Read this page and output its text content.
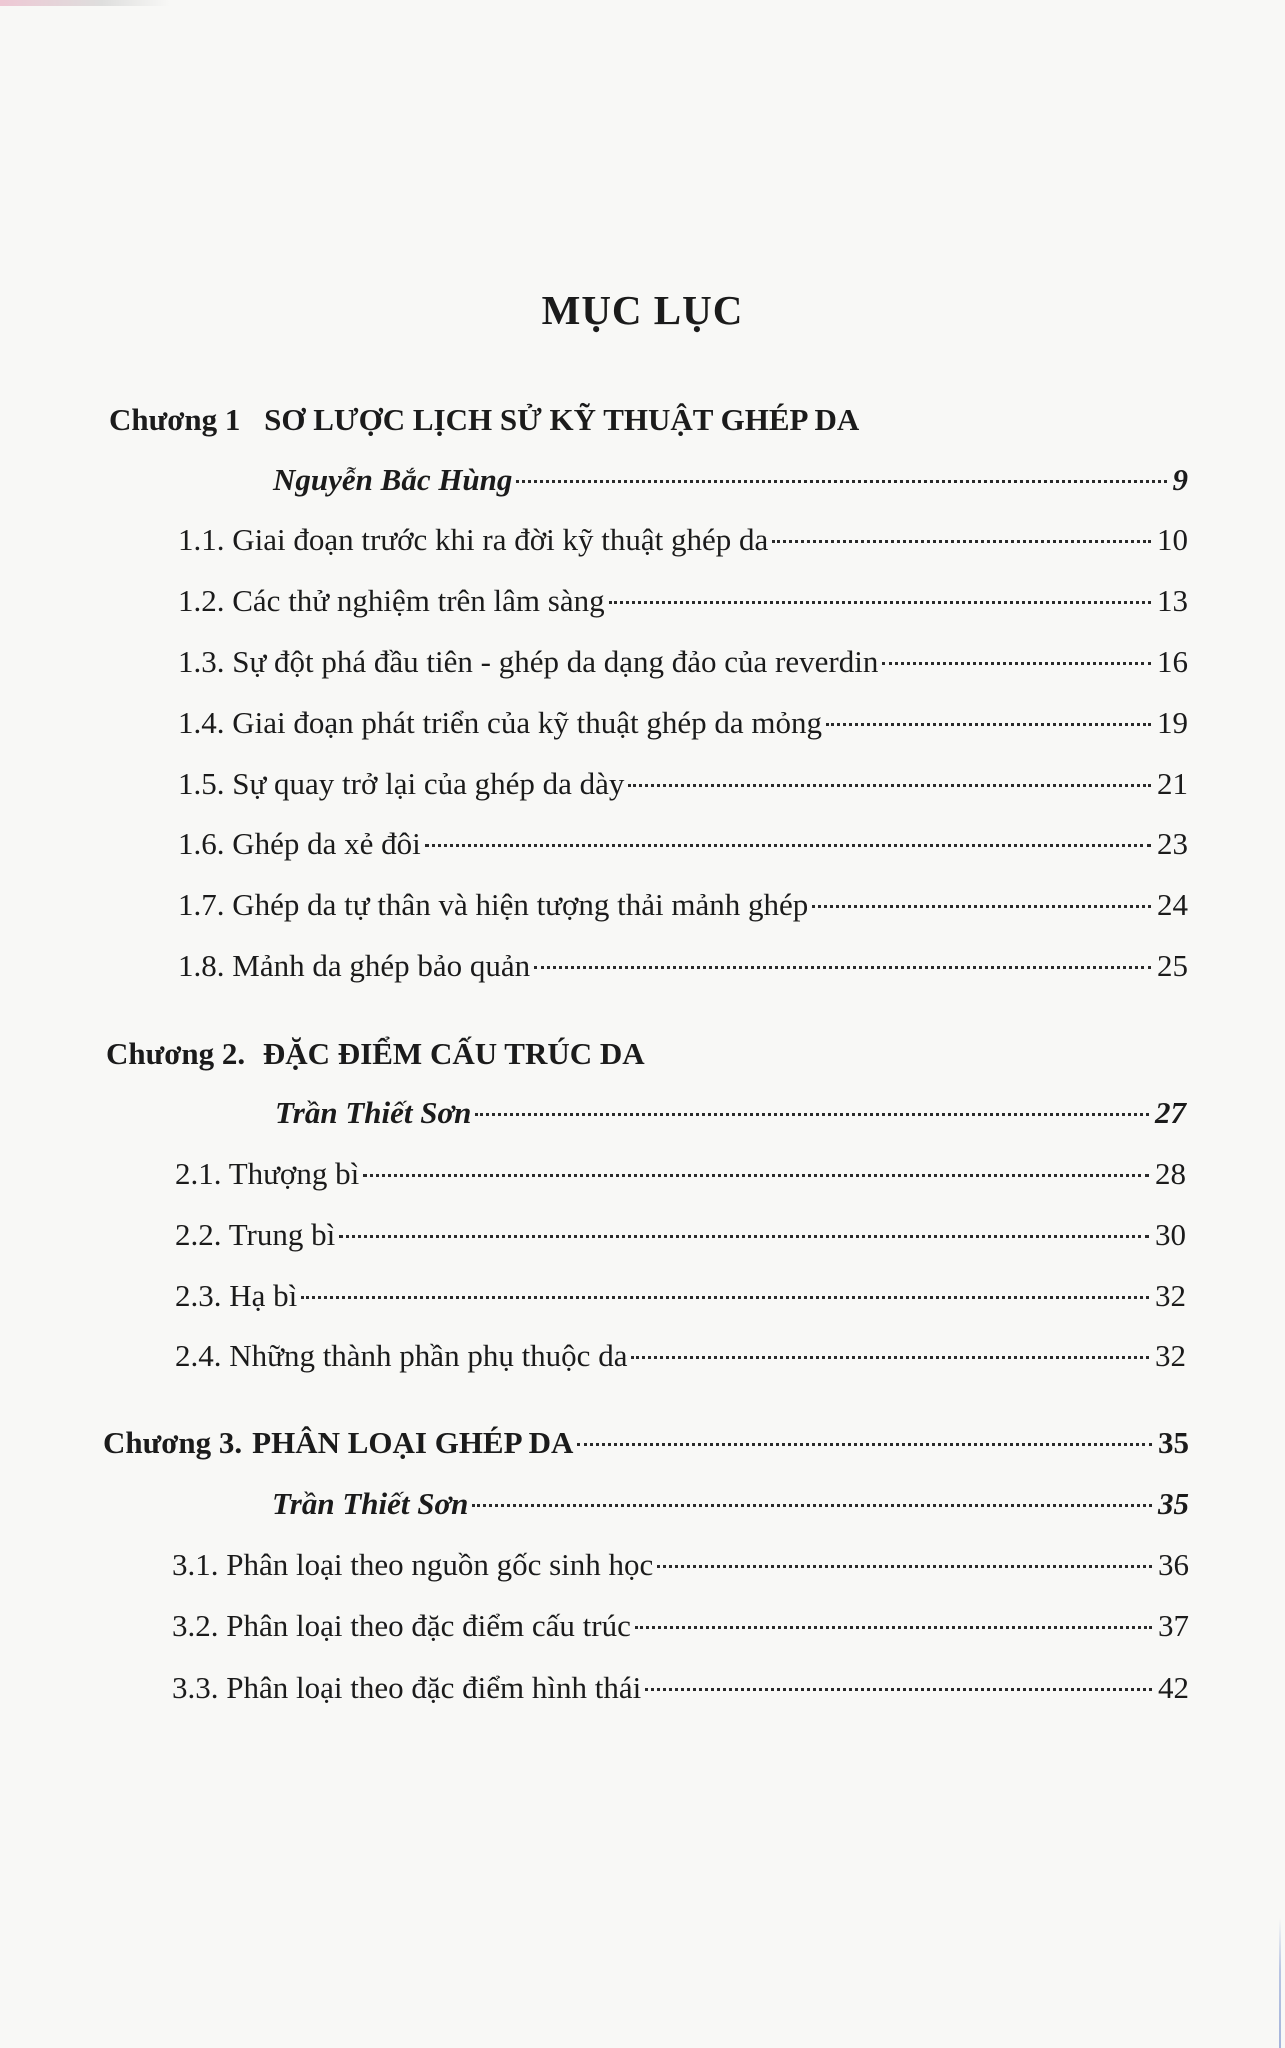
MỤC LỤC
Chương 1 SƠ LƯỢC LỊCH SỬ KỸ THUẬT GHÉP DA
Nguyễn Bắc Hùng	9
1.1. Giai đoạn trước khi ra đời kỹ thuật ghép da	10
1.2. Các thử nghiệm trên lâm sàng	13
1.3. Sự đột phá đầu tiên - ghép da dạng đảo của reverdin	16
1.4. Giai đoạn phát triển của kỹ thuật ghép da mỏng	19
1.5. Sự quay trở lại của ghép da dày	21
1.6. Ghép da xẻ đôi	23
1.7. Ghép da tự thân và hiện tượng thải mảnh ghép	24
1.8. Mảnh da ghép bảo quản	25
Chương 2. ĐẶC ĐIỂM CẤU TRÚC DA
Trần Thiết Sơn	27
2.1. Thượng bì	28
2.2. Trung bì	30
2.3. Hạ bì	32
2.4. Những thành phần phụ thuộc da	32
Chương 3. PHÂN LOẠI GHÉP DA	35
Trần Thiết Sơn	35
3.1. Phân loại theo nguồn gốc sinh học	36
3.2. Phân loại theo đặc điểm cấu trúc	37
3.3. Phân loại theo đặc điểm hình thái	42
